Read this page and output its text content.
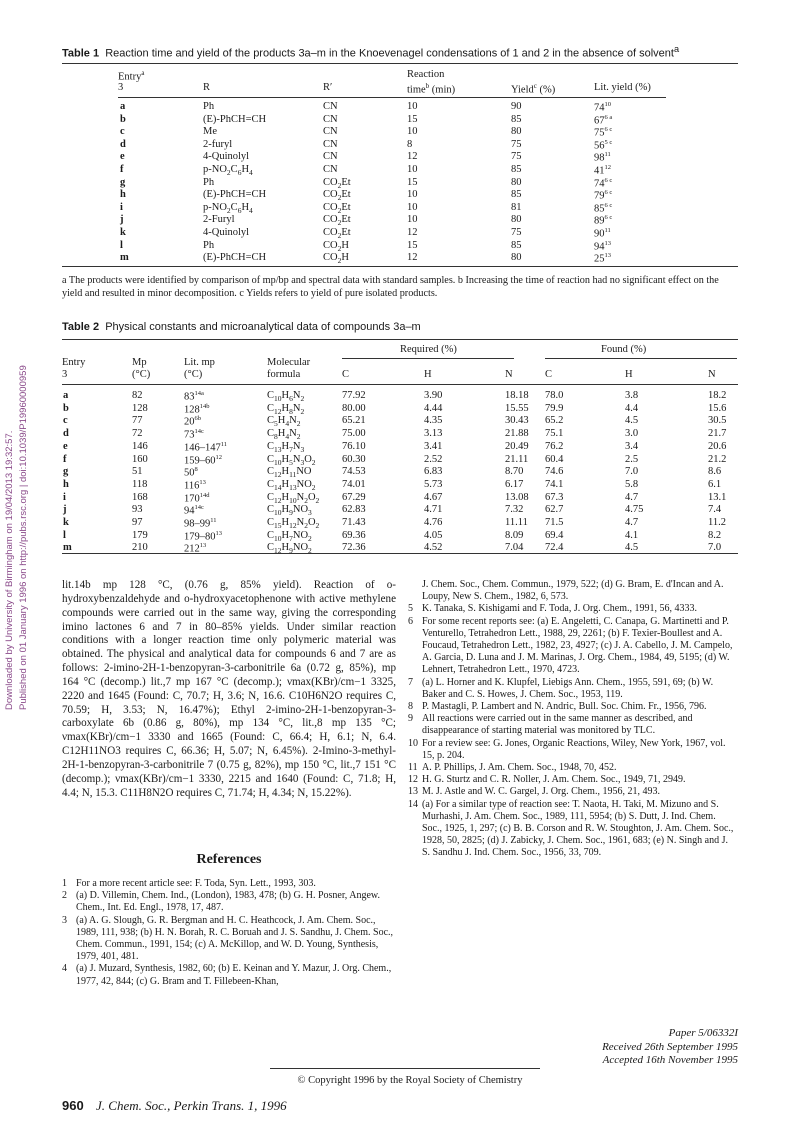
Downloaded by University of Birmingham on 19/04/2013 19:32:57. Published on 01 January 1996 on http://pubs.rsc.org | doi:10.1039/P19960000959
Table 1 Reaction time and yield of the products 3a–m in the Knoevenagel condensations of 1 and 2 in the absence of solvent$^a$
Entry$^a$
3	R	R′
Reaction
time$^b$ (min)	Yield$^c$ (%)	Lit. yield (%)
a	Ph	CN	10	90	$74^{10}$
b	(E)-PhCH=CH	CN	15	85	$67^{6 a}$
c	Me	CN	10	80	$75^{6 c}$
d	2-furyl	CN	8	75	$56^{5 c}$
e	4-Quinolyl	CN	12	75	$98^{11}$
f	$p-NO_2C_6H_4$	CN	10	85	$41^{12}$
g	Ph	$CO_2Et$	15	80	$74^{6 c}$
h	(E)-PhCH=CH	$CO_2Et$	10	85	$79^{6 c}$
i	$p-NO_2C_6H_4$	$CO_2Et$	10	81	$85^{6 c}$
j	2-Furyl	$CO_2Et$	10	80	$89^{6 c}$
k	4-Quinolyl	$CO_2Et$	12	75	$90^{11}$
l	Ph	$CO_2H$	15	85	$94^{13}$
m	(E)-PhCH=CH	$CO_2H$	12	80	$25^{13}$
a The products were identified by comparison of mp/bp and spectral data with standard samples. b Increasing the time of reaction had no significant effect on the yield and resulted in minor decomposition. c Yields refers to yield of pure isolated products.
Table 2 Physical constants and microanalytical data of compounds 3a–m
Required (%)	Found (%)
Entry
3
Mp
(°C)
Lit. mp
(°C)
Molecular
formula	C	H	N	C	H	N
a	82	$83^{14a}$	$C_{10}H_6N_2$	77.92	3.90	18.18 78.0	3.8	18.2
b	128	$128^{14b}$	$C_{12}H_8N_2$	80.00	4.44	15.55 79.9	4.4	15.6
c	77	$20^{6b}$	$C_5H_4N_2$	65.21	4.35	30.43 65.2	4.5	30.5
d	72	$73^{14c}$	$C_8H_4N_2$	75.00	3.13	21.88 75.1	3.0	21.7
e	146	$146-147^{11}$	$C_{13}H_7N_3$	76.10	3.41	20.49 76.2	3.4	20.6
f	160	$159-60^{12}$	$C_{10}H_5N_3O_2$	60.30	2.52	21.11 60.4	2.5	21.2
g	51	$50^8$	$C_{12}H_{11}NO$	74.53	6.83	8.70 74.6	7.0	8.6
h	118	$116^{13}$	$C_{14}H_{13}NO_2$	74.01	5.73	6.17 74.1	5.8	6.1
i	168	$170^{14d}$	$C_{12}H_{10}N_2O_2$ 67.29	4.67	13.08 67.3	4.7	13.1
j	93	$94^{14c}$	$C_{10}H_9NO_3$	62.83	4.71	7.32 62.7	4.75	7.4
k	97	$98-99^{11}$	$C_{15}H_{12}N_2O_2$ 71.43	4.76	11.11 71.5	4.7	11.2
l	179	$179-80^{13}$	$C_{10}H_7NO_2$	69.36	4.05	8.09 69.4	4.1	8.2
m	210	$212^{13}$	$C_{12}H_9NO_2$	72.36	4.52	7.04 72.4	4.5	7.0
lit.14b mp 128 °C, (0.76 g, 85% yield). Reaction of o-hydroxybenzaldehyde and o-hydroxyacetophenone with active methylene compounds were carried out in the same way, giving the corresponding imino lactones 6 and 7 in 80–85% yields. Under similar reaction conditions with a longer reaction time only polymeric material was obtained. The physical and analytical data for compounds 6 and 7 are as follows: 2-imino-2H-1-benzopyran-3-carbonitrile 6a (0.72 g, 85%), mp 164 °C (decomp.) lit.,7 mp 167 °C (decomp.); νmax(KBr)/cm−1 3325, 2220 and 1645 (Found: C, 70.7; H, 3.6; N, 16.6. C10H6N2O requires C, 70.59; H, 3.53; N, 16.47%); Ethyl 2-imino-2H-1-benzopyran-3-carboxylate 6b (0.86 g, 80%), mp 134 °C, lit.,8 mp 135 °C; νmax(KBr)/cm−1 3330 and 1665 (Found: C, 66.4; H, 6.1; N, 6.4. C12H11NO3 requires C, 66.36; H, 5.07; N, 6.45%). 2-Imino-3-methyl-2H-1-benzopyran-3-carbonitrile 7 (0.75 g, 82%), mp 150 °C, lit.,7 151 °C (decomp.); νmax(KBr)/cm−1 3330, 2215 and 1640 (Found: C, 71.8; H, 4.4; N, 15.3. C11H8N2O requires C, 71.74; H, 4.34; N, 15.22%).
References
1 For a more recent article see: F. Toda, Syn. Lett., 1993, 303.
2 (a) D. Villemin, Chem. Ind., (London), 1983, 478; (b) G. H. Posner, Angew. Chem., Int. Ed. Engl., 1978, 17, 487.
3 (a) A. G. Slough, G. R. Bergman and H. C. Heathcock, J. Am. Chem. Soc., 1989, 111, 938; (b) H. N. Borah, R. C. Boruah and J. S. Sandhu, J. Chem. Soc., Chem. Commun., 1991, 154; (c) A. McKillop, and W. D. Young, Synthesis, 1979, 401, 481.
4 (a) J. Muzard, Synthesis, 1982, 60; (b) E. Keinan and Y. Mazur, J. Org. Chem., 1977, 42, 844; (c) G. Bram and T. Fillebeen-Khan,
J. Chem. Soc., Chem. Commun., 1979, 522; (d) G. Bram, E. d'Incan and A. Loupy, New S. Chem., 1982, 6, 573.
5 K. Tanaka, S. Kishigami and F. Toda, J. Org. Chem., 1991, 56, 4333.
6 For some recent reports see: (a) E. Angeletti, C. Canapa, G. Martinetti and P. Venturello, Tetrahedron Lett., 1988, 29, 2261; (b) F. Texier-Boullest and A. Foucaud, Tetrahedron Lett., 1982, 23, 4927; (c) J. A. Cabello, J. M. Campelo, A. Garcia, D. Luna and J. M. Marinas, J. Org. Chem., 1984, 49, 5195; (d) W. Lehnert, Tetrahedron Lett., 1970, 4723.
7 (a) L. Horner and K. Klupfel, Liebigs Ann. Chem., 1955, 591, 69; (b) W. Baker and C. S. Howes, J. Chem. Soc., 1953, 119.
8 P. Mastagli, P. Lambert and N. Andric, Bull. Soc. Chim. Fr., 1956, 796.
9 All reactions were carried out in the same manner as described, and disappearance of starting material was monitored by TLC.
10 For a review see: G. Jones, Organic Reactions, Wiley, New York, 1967, vol. 15, p. 204.
11 A. P. Phillips, J. Am. Chem. Soc., 1948, 70, 452.
12 H. G. Sturtz and C. R. Noller, J. Am. Chem. Soc., 1949, 71, 2949.
13 M. J. Astle and W. C. Gargel, J. Org. Chem., 1956, 21, 493.
14 (a) For a similar type of reaction see: T. Naota, H. Taki, M. Mizuno and S. Murhashi, J. Am. Chem. Soc., 1989, 111, 5954; (b) S. Dutt, J. Ind. Chem. Soc., 1925, 1, 297; (c) B. B. Corson and R. W. Stoughton, J. Am. Chem. Soc., 1928, 50, 2825; (d) J. Zabicky, J. Chem. Soc., 1961, 683; (e) N. Singh and J. S. Sandhu J. Ind. Chem. Soc., 1956, 33, 709.
Paper 5/06332I
Received 26th September 1995
Accepted 16th November 1995
© Copyright 1996 by the Royal Society of Chemistry
960 J. Chem. Soc., Perkin Trans. 1, 1996
